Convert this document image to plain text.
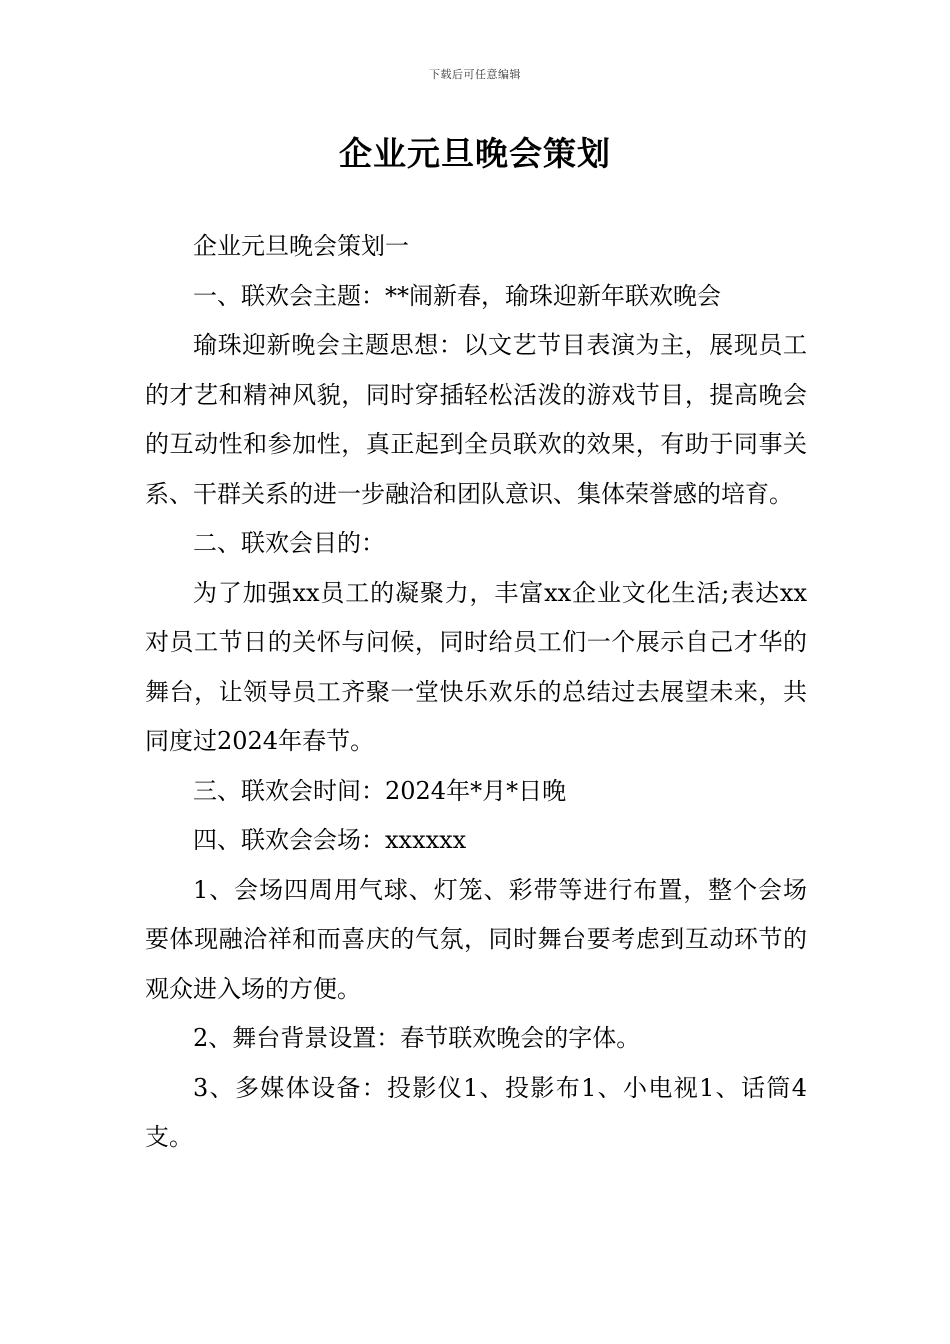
下载后可任意编辑
企业元旦晚会策划

企业元旦晚会策划一

一、联欢会主题：**闹新春，瑜珠迎新年联欢晚会

瑜珠迎新晚会主题思想：以文艺节目表演为主，展现员工的才艺和精神风貌，同时穿插轻松活泼的游戏节目，提高晚会的互动性和参加性，真正起到全员联欢的效果，有助于同事关系、干群关系的进一步融洽和团队意识、集体荣誉感的培育。

二、联欢会目的：

为了加强xx员工的凝聚力，丰富xx企业文化生活;表达xx对员工节日的关怀与问候，同时给员工们一个展示自己才华的舞台，让领导员工齐聚一堂快乐欢乐的总结过去展望未来，共同度过2024年春节。

三、联欢会时间：2024年*月*日晚

四、联欢会会场：xxxxxx

1、会场四周用气球、灯笼、彩带等进行布置，整个会场要体现融洽祥和而喜庆的气氛，同时舞台要考虑到互动环节的观众进入场的方便。

2、舞台背景设置：春节联欢晚会的字体。

3、多媒体设备：投影仪1、投影布1、小电视1、话筒4支。
